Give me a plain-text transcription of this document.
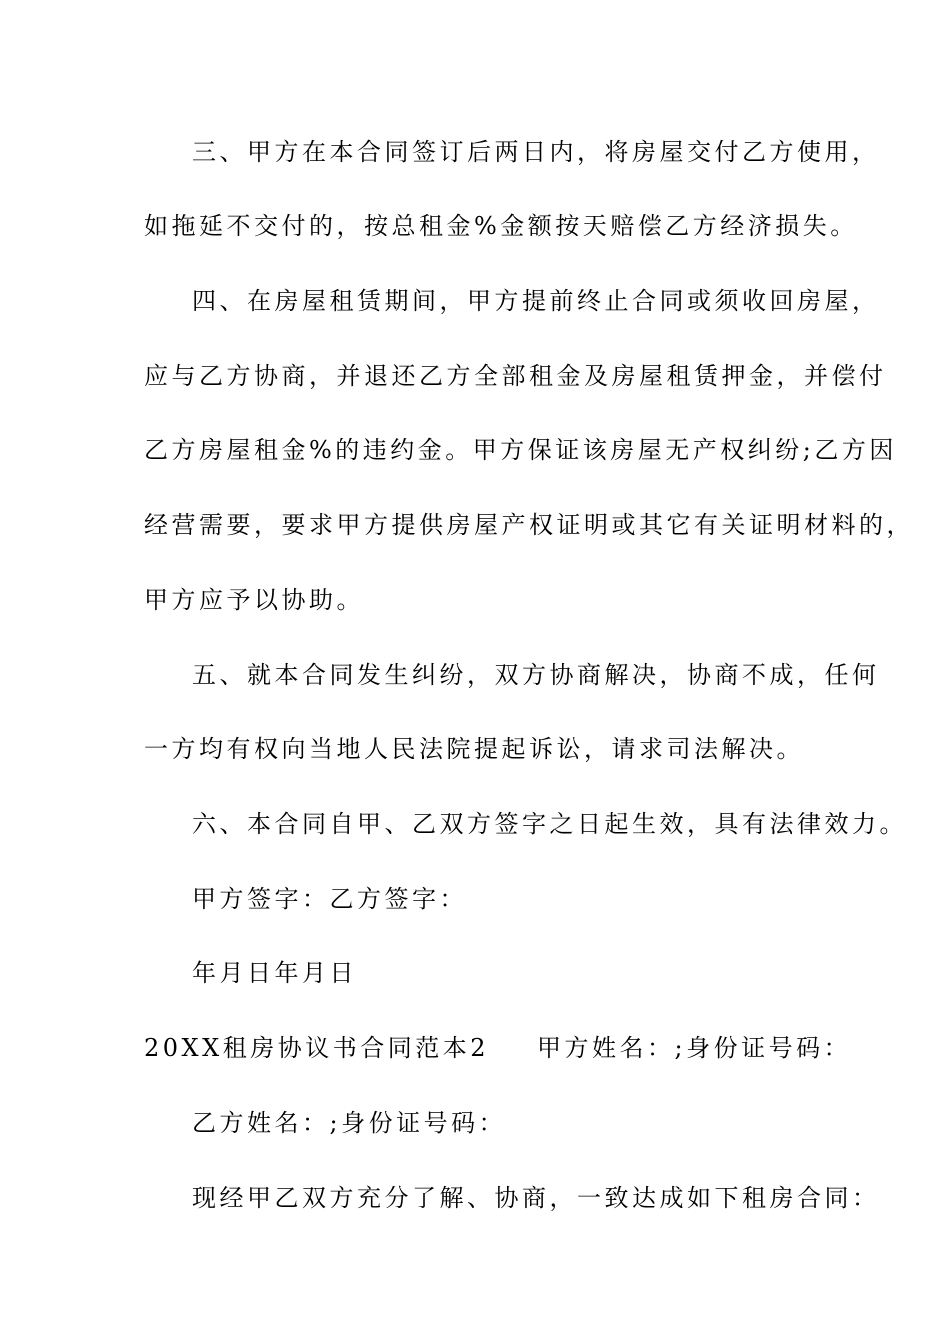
三、甲方在本合同签订后两日内，将房屋交付乙方使用，
如拖延不交付的，按总租金%金额按天赔偿乙方经济损失。
四、在房屋租赁期间，甲方提前终止合同或须收回房屋，
应与乙方协商，并退还乙方全部租金及房屋租赁押金，并偿付
乙方房屋租金%的违约金。甲方保证该房屋无产权纠纷;乙方因
经营需要，要求甲方提供房屋产权证明或其它有关证明材料的，
甲方应予以协助。
五、就本合同发生纠纷，双方协商解决，协商不成，任何
一方均有权向当地人民法院提起诉讼，请求司法解决。
六、本合同自甲、乙双方签字之日起生效，具有法律效力。
甲方签字：乙方签字：
年月日年月日
20XX租房协议书合同范本2 甲方姓名：;身份证号码：
乙方姓名：;身份证号码：
现经甲乙双方充分了解、协商，一致达成如下租房合同：
